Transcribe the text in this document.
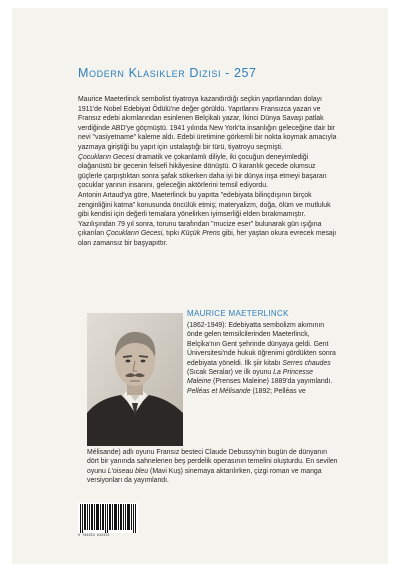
Modern Klasikler Dizisi - 257

Maurice Maeterlinck sembolist tiyatroya kazandırdığı seçkin yapıtlarından dolayı 1911'de Nobel Edebiyat Ödülü'ne değer görüldü. Yapıtlarını Fransızca yazan ve Fransız edebi akımlarından esinlenen Belçikalı yazar, İkinci Dünya Savaşı patlak verdiğinde ABD'ye göçmüştü. 1941 yılında New York'ta insanlığın geleceğine dair bir nevi "vasiyetname" kaleme aldı. Edebi üretimine görkemli bir nokta koymak amacıyla yazmaya giriştiği bu yapıt için ustalaştığı bir türü, tiyatroyu seçmişti.

Çocukların Gecesi dramatik ve çokanlamlı diliyle, iki çocuğun deneyimlediği olağanüstü bir gecenin felsefi hikâyesine dönüştü. O karanlık gecede olumsuz güçlerle çarpıştıktan sonra şafak sökerken daha iyi bir dünya inşa etmeyi başaran çocuklar yarının insanını, geleceğin aktörlerini temsil ediyordu.

Antonin Artaud'ya göre, Maeterlinck bu yapıtta "edebiyata bilinçdışının birçok zenginliğini katma" konusunda öncülük etmiş; materyalizm, doğa, ölüm ve mutluluk gibi kendisi için değerli temalara yönelirken iyimserliği elden bırakmamıştır.

Yazılışından 79 yıl sonra, torunu tarafından "mucize eser" bulunarak gün ışığına çıkarılan Çocukların Gecesi, tıpkı Küçük Prens gibi, her yaştan okura evrecek mesajı olan zamansız bir başyapıttır.

MAURICE MAETERLINCK

(1862-1949): Edebiyatta sembolizm akımının önde gelen temsilcilerinden Maeterlinck, Belçika'nın Gent şehrinde dünyaya geldi. Gent Üniversitesi'nde hukuk öğrenimi gördükten sonra edebiyata yöneldi. İlk şiir kitabı Serres chaudes (Sıcak Seralar) ve ilk oyunu La Princesse Maleine (Prenses Maleine) 1889'da yayımlandı. Pelléas et Mélisande (1892; Pelléas ve

Mélisande) adlı oyunu Fransız besteci Claude Debussy'nin bugün de dünyanın dört bir yanında sahnelenen beş perdelik operasının temelini oluşturdu. En sevilen oyunu L'oiseau bleu (Mavi Kuş) sinemaya aktarılırken, çizgi roman ve manga versiyonları da yayımlandı.

9 786253 942331
